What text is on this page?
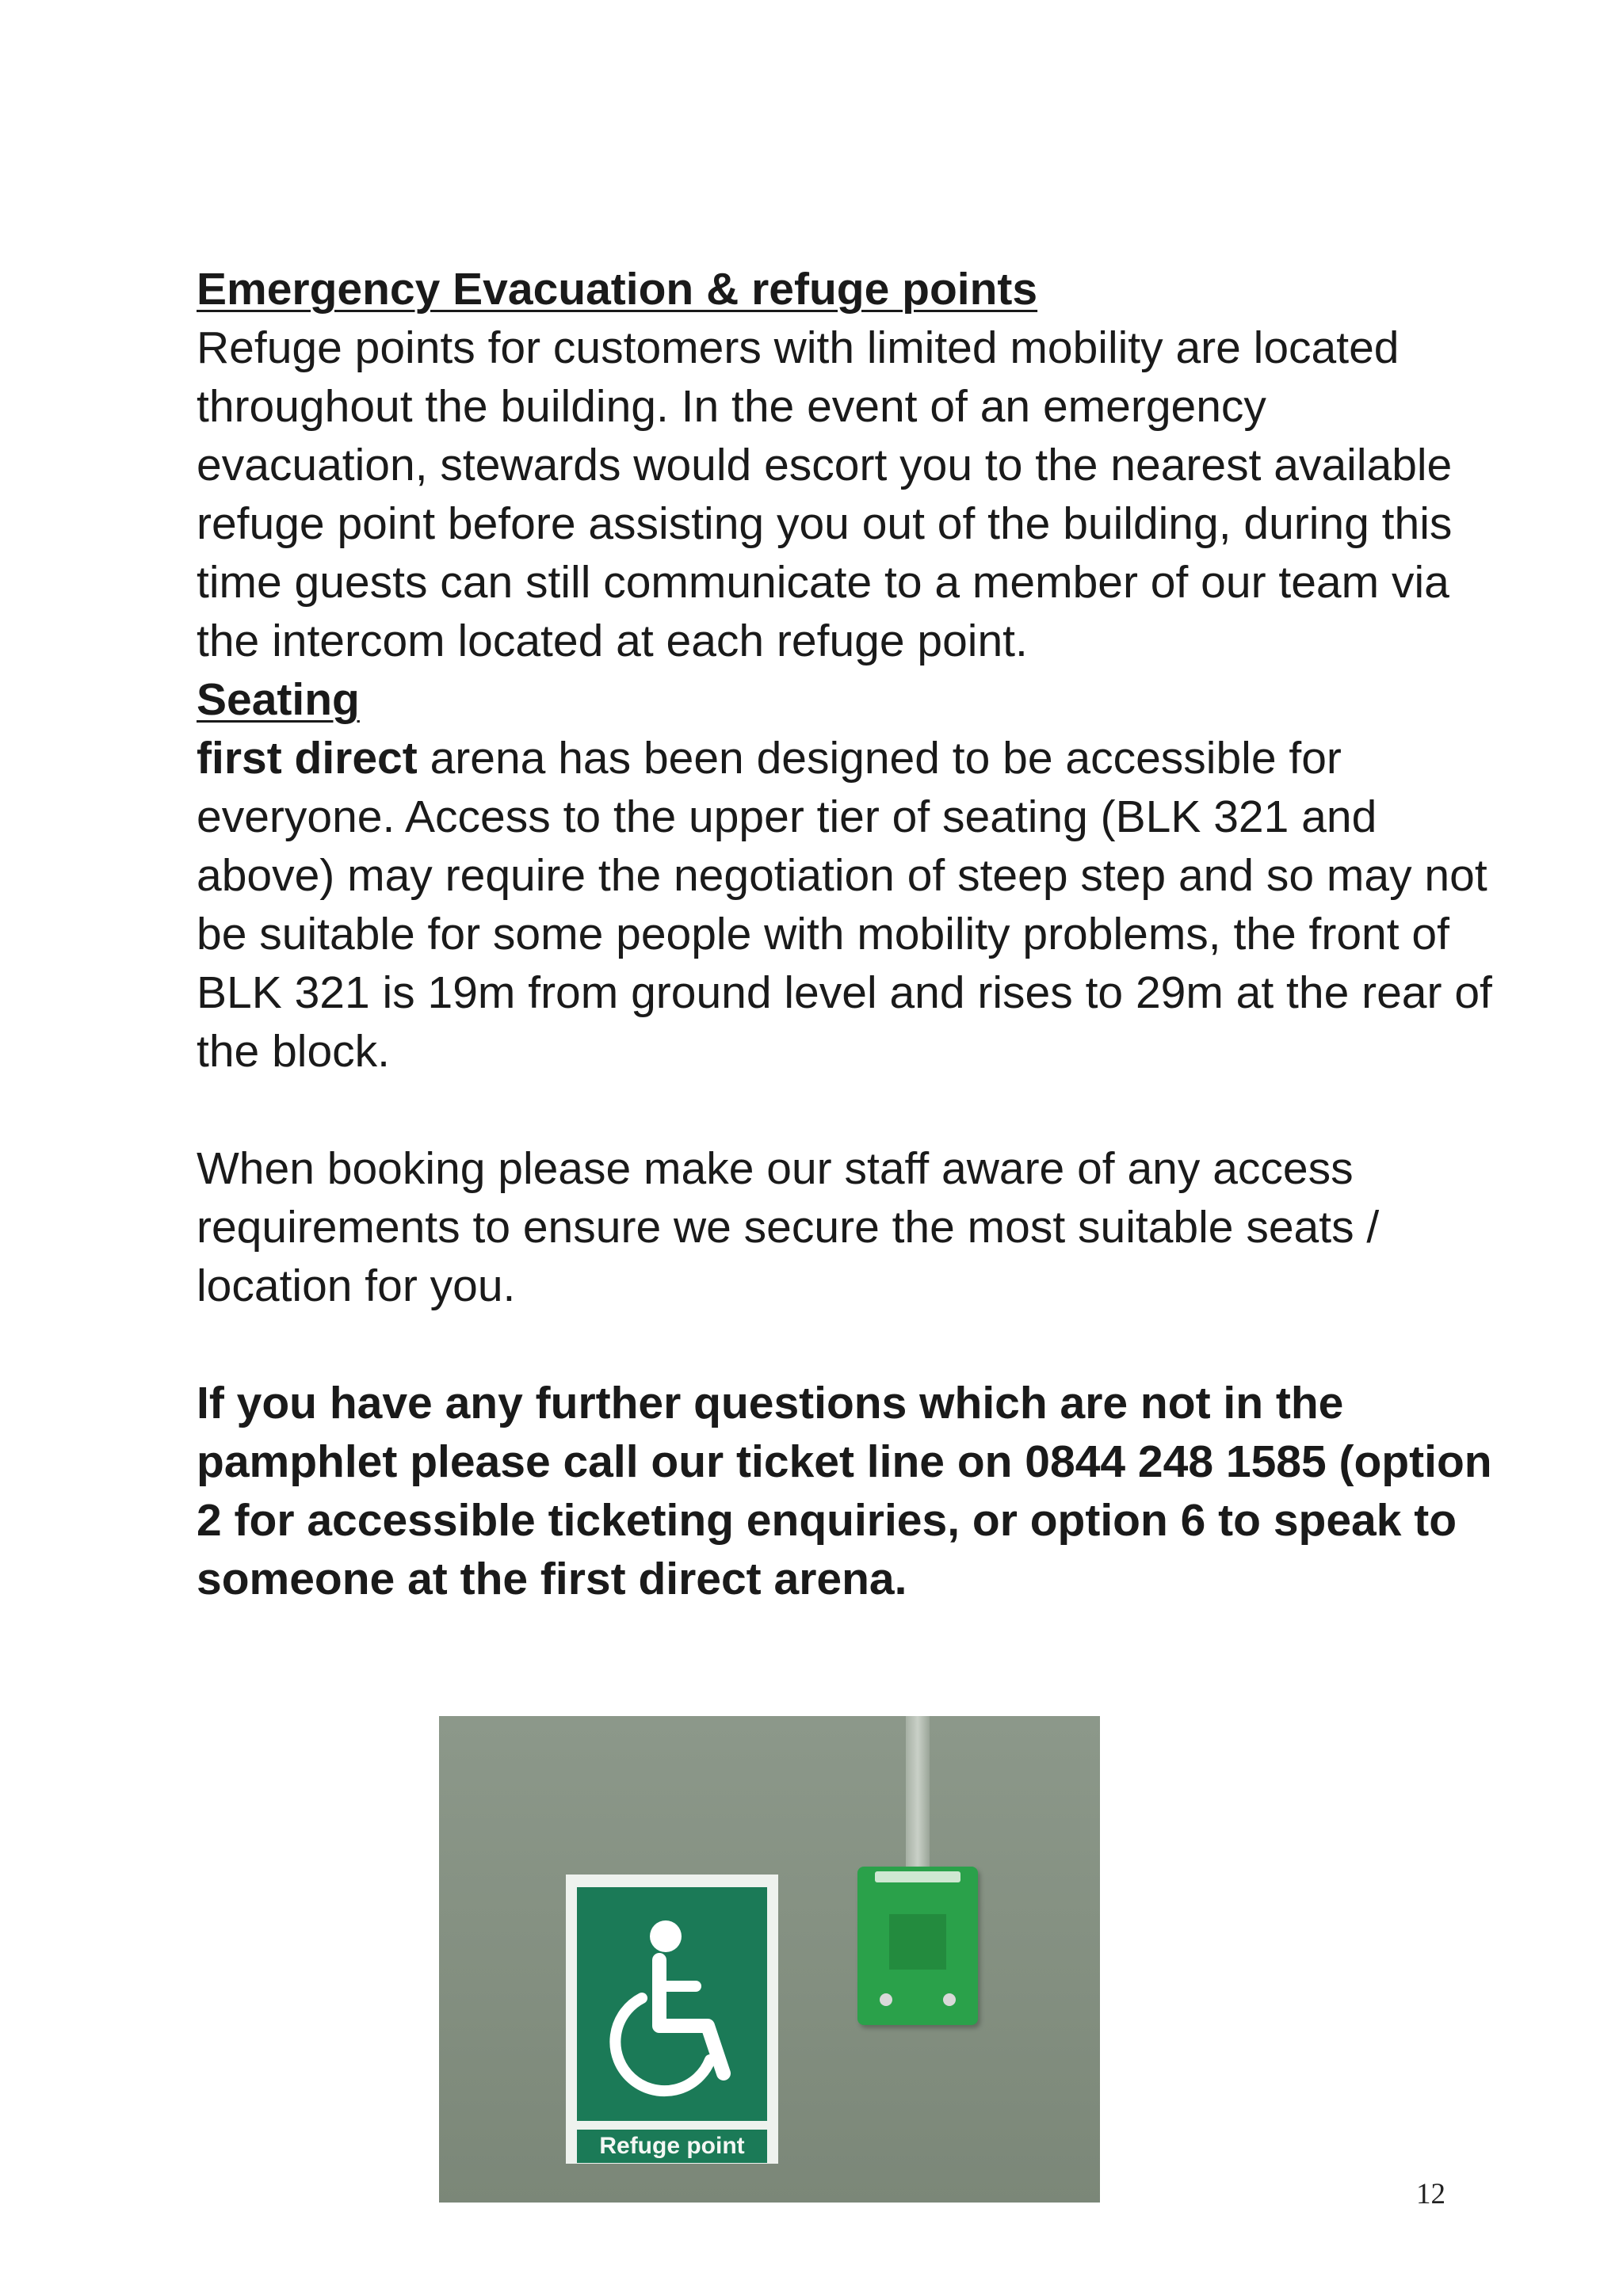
Emergency Evacuation & refuge points

Refuge points for customers with limited mobility are located throughout the building. In the event of an emergency evacuation, stewards would escort you to the nearest available refuge point before assisting you out of the building, during this time guests can still communicate to a member of our team via the intercom located at each refuge point.

Seating

first direct arena has been designed to be accessible for everyone. Access to the upper tier of seating (BLK 321 and above) may require the negotiation of steep step and so may not be suitable for some people with mobility problems, the front of BLK 321 is 19m from ground level and rises to 29m at the rear of the block.

When booking please make our staff aware of any access requirements to ensure we secure the most suitable seats / location for you.

If you have any further questions which are not in the pamphlet please call our ticket line on 0844 248 1585 (option 2 for accessible ticketing enquiries, or option 6 to speak to someone at the first direct arena.

Refuge point
12
